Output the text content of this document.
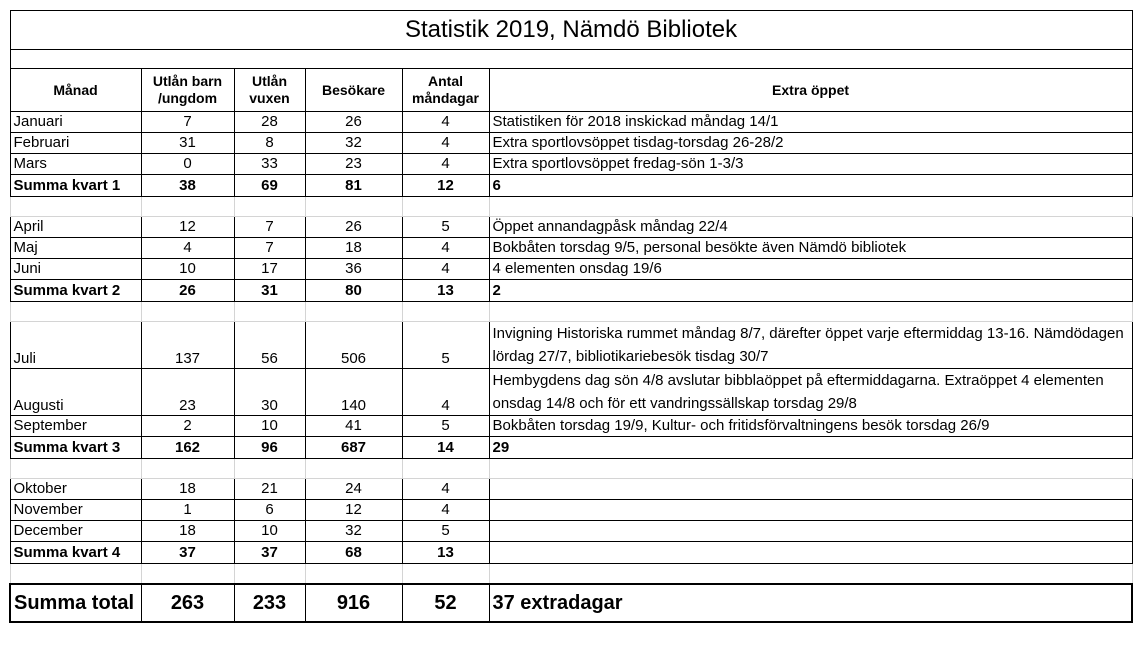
Statistik 2019, Nämdö Bibliotek					

Månad	Utlån barn /ungdom	Utlån vuxen	Besökare	Antal måndagar	Extra öppet
Januari	7	28	26	4	Statistiken för 2018 inskickad måndag 14/1
Februari	31	8	32	4	Extra sportlovsöppet tisdag-torsdag 26-28/2
Mars	0	33	23	4	Extra sportlovsöppet fredag-sön 1-3/3
Summa kvart 1	38	69	81	12	6

April	12	7	26	5	Öppet annandagpåsk måndag 22/4
Maj	4	7	18	4	Bokbåten torsdag 9/5, personal besökte även Nämdö bibliotek
Juni	10	17	36	4	4 elementen onsdag 19/6
Summa kvart 2	26	31	80	13	2

Juli	137	56	506	5	Invigning Historiska rummet måndag 8/7, därefter öppet varje eftermiddag 13-16. Nämdödagen lördag 27/7, bibliotikariebesök tisdag 30/7
Augusti	23	30	140	4	Hembygdens dag sön 4/8 avslutar bibblaöppet på eftermiddagarna. Extraöppet 4 elementen onsdag 14/8 och för ett vandringssällskap torsdag 29/8
September	2	10	41	5	Bokbåten torsdag 19/9, Kultur- och fritidsförvaltningens besök torsdag 26/9
Summa kvart 3	162	96	687	14	29

Oktober	18	21	24	4	
November	1	6	12	4	
December	18	10	32	5	
Summa kvart 4	37	37	68	13	

Summa total	263	233	916	52	37 extradagar
